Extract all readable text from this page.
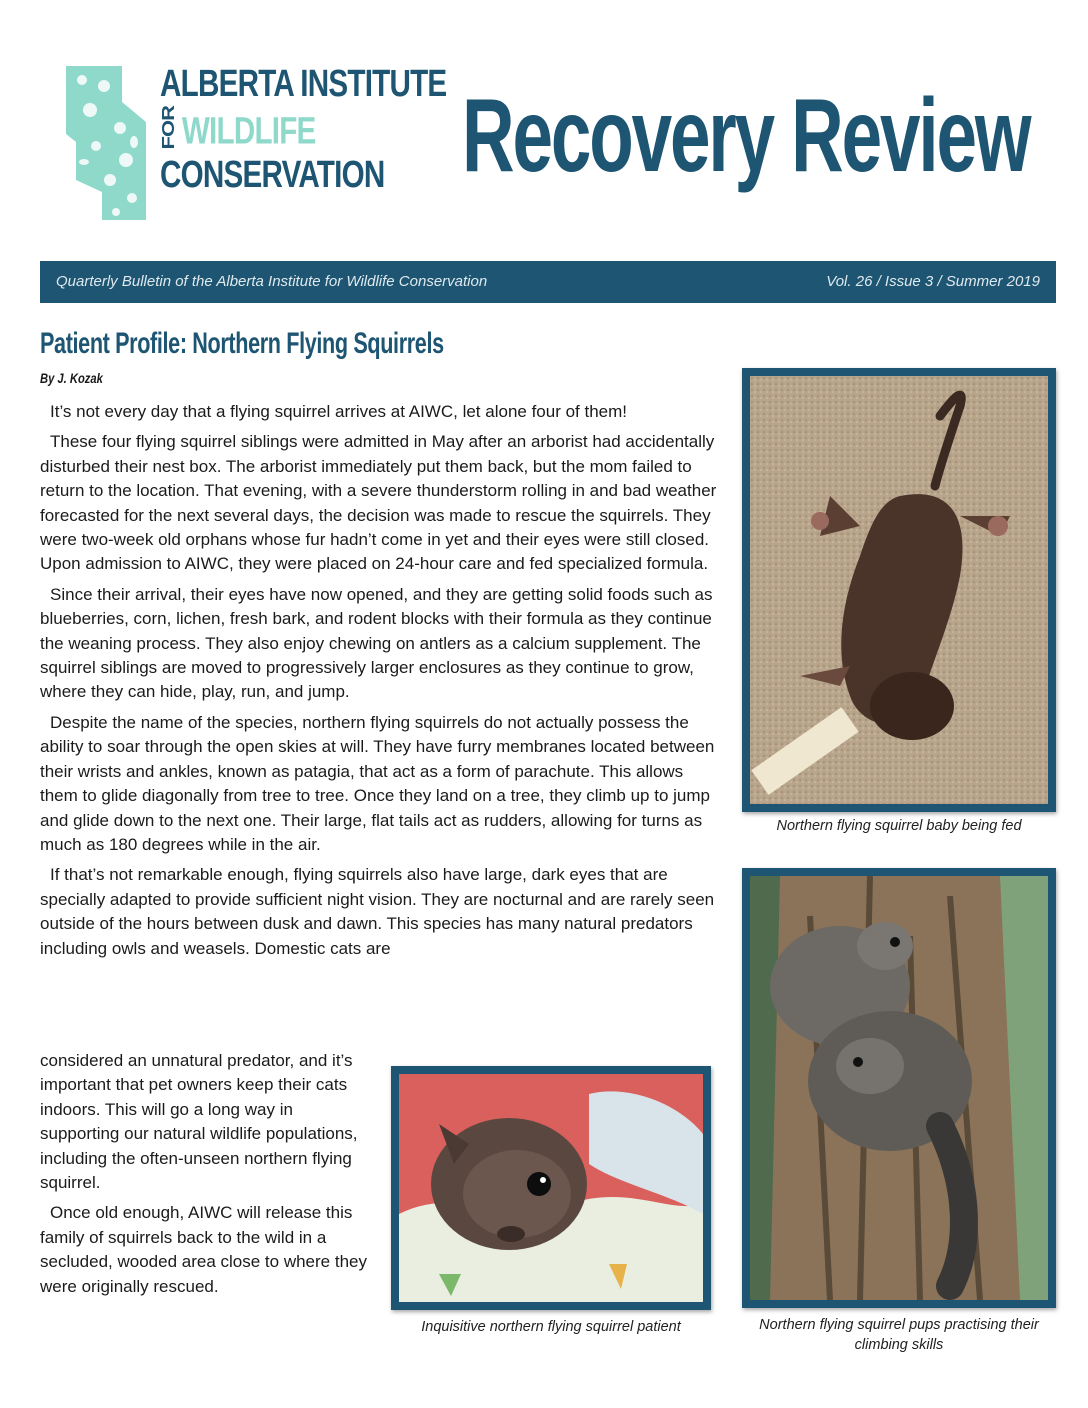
ALBERTA INSTITUTE
FOR WILDLIFE
CONSERVATION Recovery Review
Quarterly Bulletin of the Alberta Institute for Wildlife Conservation	Vol. 26 / Issue 3 / Summer 2019
Patient Profile: Northern Flying Squirrels
By J. Kozak

It’s not every day that a flying squirrel arrives at AIWC, let alone four of them!

These four flying squirrel siblings were admitted in May after an arborist had accidentally disturbed their nest box. The arborist immediately put them back, but the mom failed to return to the location. That evening, with a severe thunderstorm rolling in and bad weather forecasted for the next several days, the decision was made to rescue the squirrels. They were two-week old orphans whose fur hadn’t come in yet and their eyes were still closed. Upon admission to AIWC, they were placed on 24-hour care and fed specialized formula.

Since their arrival, their eyes have now opened, and they are getting solid foods such as blueberries, corn, lichen, fresh bark, and rodent blocks with their formula as they continue the weaning process. They also enjoy chewing on antlers as a calcium supplement. The squirrel siblings are moved to progressively larger enclosures as they continue to grow, where they can hide, play, run, and jump.

Despite the name of the species, northern flying squirrels do not actually possess the ability to soar through the open skies at will. They have furry membranes located between their wrists and ankles, known as patagia, that act as a form of parachute. This allows them to glide diagonally from tree to tree. Once they land on a tree, they climb up to jump and glide down to the next one. Their large, flat tails act as rudders, allowing for turns as much as 180 degrees while in the air.

If that’s not remarkable enough, flying squirrels also have large, dark eyes that are specially adapted to provide sufficient night vision. They are nocturnal and are rarely seen outside of the hours between dusk and dawn. This species has many natural predators including owls and weasels. Domestic cats are

considered an unnatural predator, and it’s important that pet owners keep their cats indoors. This will go a long way in supporting our natural wildlife populations, including the often-unseen northern flying squirrel.

Once old enough, AIWC will release this family of squirrels back to the wild in a secluded, wooded area close to where they were originally rescued.

Northern flying squirrel baby being fed
Northern flying squirrel pups practising their climbing skills
Inquisitive northern flying squirrel patient
